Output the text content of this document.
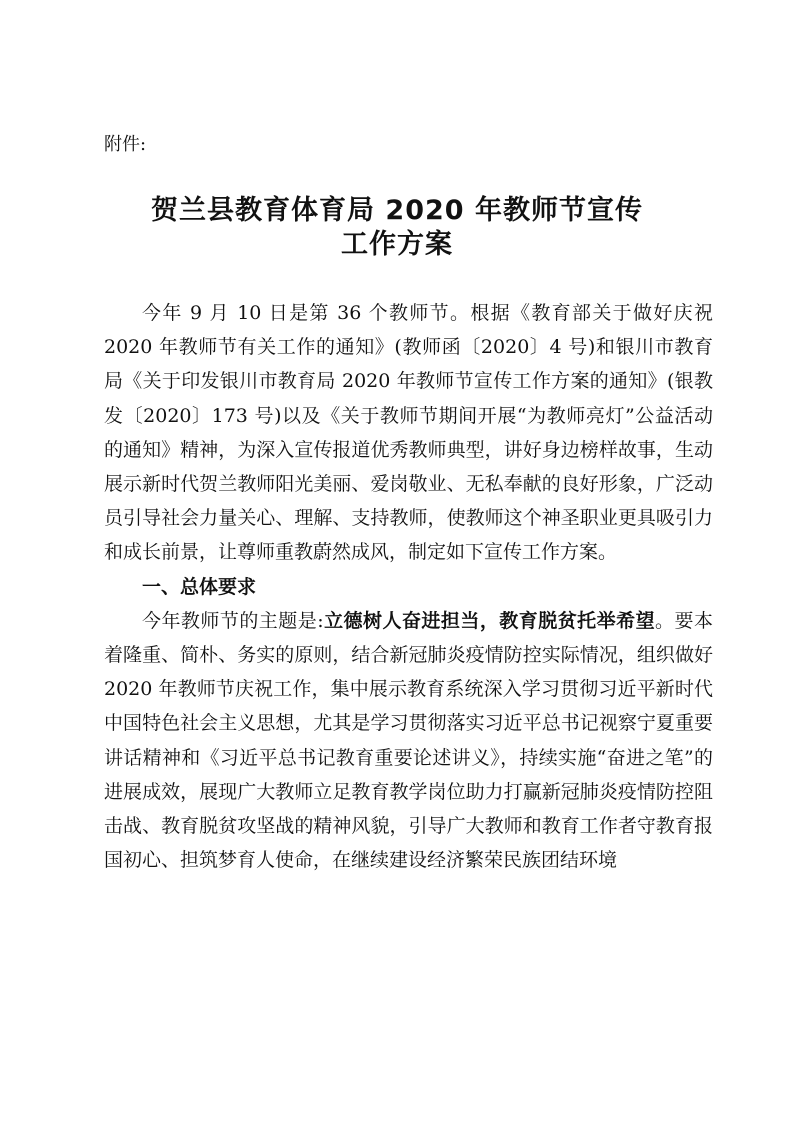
附件:
贺兰县教育体育局 2020 年教师节宣传
工作方案

今年 9 月 10 日是第 36 个教师节。根据《教育部关于做好庆祝 2020 年教师节有关工作的通知》(教师函〔2020〕4 号)和银川市教育局《关于印发银川市教育局 2020 年教师节宣传工作方案的通知》(银教发〔2020〕173 号)以及《关于教师节期间开展“为教师亮灯”公益活动的通知》精神，为深入宣传报道优秀教师典型，讲好身边榜样故事，生动展示新时代贺兰教师阳光美丽、爱岗敬业、无私奉献的良好形象，广泛动员引导社会力量关心、理解、支持教师，使教师这个神圣职业更具吸引力和成长前景，让尊师重教蔚然成风，制定如下宣传工作方案。

一、总体要求

今年教师节的主题是:立德树人奋进担当，教育脱贫托举希望。要本着隆重、简朴、务实的原则，结合新冠肺炎疫情防控实际情况，组织做好 2020 年教师节庆祝工作，集中展示教育系统深入学习贯彻习近平新时代中国特色社会主义思想，尤其是学习贯彻落实习近平总书记视察宁夏重要讲话精神和《习近平总书记教育重要论述讲义》，持续实施“奋进之笔”的进展成效，展现广大教师立足教育教学岗位助力打赢新冠肺炎疫情防控阻击战、教育脱贫攻坚战的精神风貌，引导广大教师和教育工作者守教育报国初心、担筑梦育人使命，在继续建设经济繁荣民族团结环境
